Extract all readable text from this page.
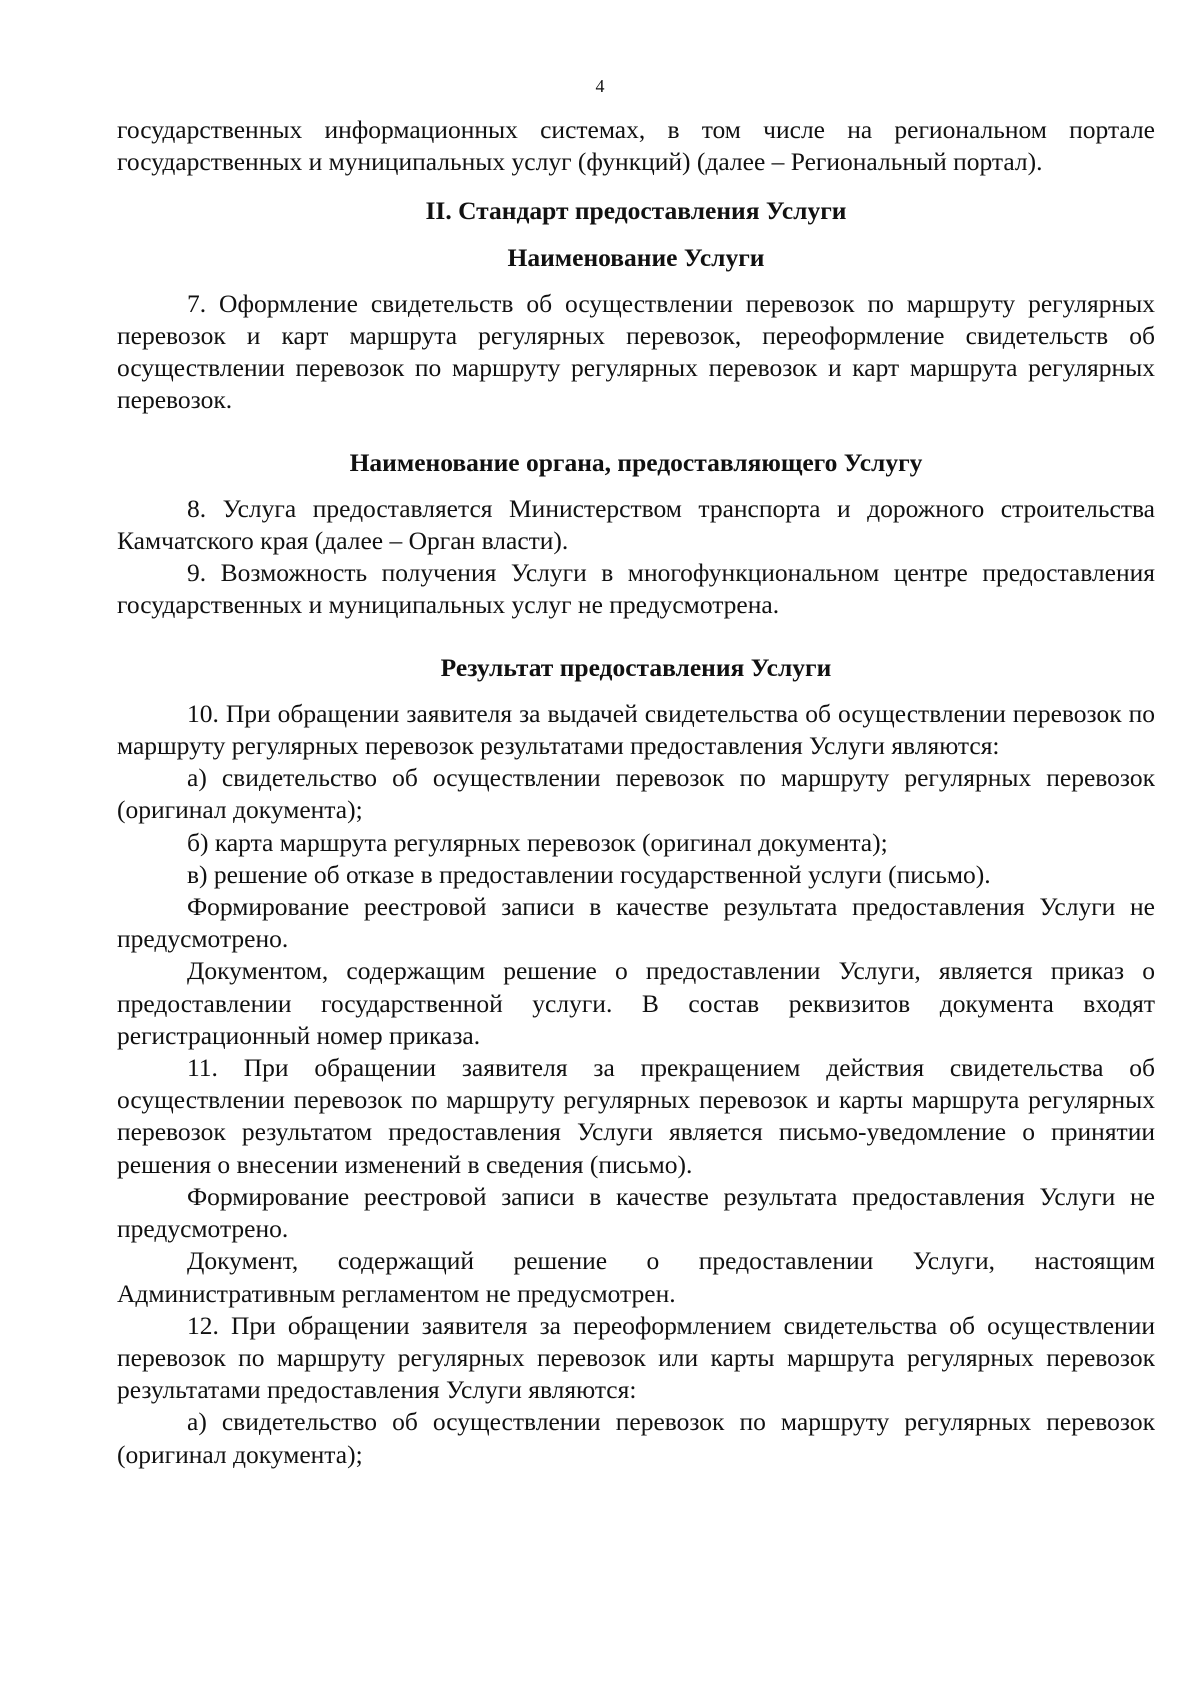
4

государственных информационных системах, в том числе на региональном портале государственных и муниципальных услуг (функций) (далее – Региональный портал).

II. Стандарт предоставления Услуги
Наименование Услуги

7. Оформление свидетельств об осуществлении перевозок по маршруту регулярных перевозок и карт маршрута регулярных перевозок, переоформление свидетельств об осуществлении перевозок по маршруту регулярных перевозок и карт маршрута регулярных перевозок.

Наименование органа, предоставляющего Услугу

8. Услуга предоставляется Министерством транспорта и дорожного строительства Камчатского края (далее – Орган власти).

9. Возможность получения Услуги в многофункциональном центре предоставления государственных и муниципальных услуг не предусмотрена.

Результат предоставления Услуги

10. При обращении заявителя за выдачей свидетельства об осуществлении перевозок по маршруту регулярных перевозок результатами предоставления Услуги являются:

а) свидетельство об осуществлении перевозок по маршруту регулярных перевозок (оригинал документа);

б) карта маршрута регулярных перевозок (оригинал документа);

в) решение об отказе в предоставлении государственной услуги (письмо).

Формирование реестровой записи в качестве результата предоставления Услуги не предусмотрено.

Документом, содержащим решение о предоставлении Услуги, является приказ о предоставлении государственной услуги. В состав реквизитов документа входят регистрационный номер приказа.

11. При обращении заявителя за прекращением действия свидетельства об осуществлении перевозок по маршруту регулярных перевозок и карты маршрута регулярных перевозок результатом предоставления Услуги является письмо-уведомление о принятии решения о внесении изменений в сведения (письмо).

Формирование реестровой записи в качестве результата предоставления Услуги не предусмотрено.

Документ, содержащий решение о предоставлении Услуги, настоящим Административным регламентом не предусмотрен.

12. При обращении заявителя за переоформлением свидетельства об осуществлении перевозок по маршруту регулярных перевозок или карты маршрута регулярных перевозок результатами предоставления Услуги являются:

а) свидетельство об осуществлении перевозок по маршруту регулярных перевозок (оригинал документа);
